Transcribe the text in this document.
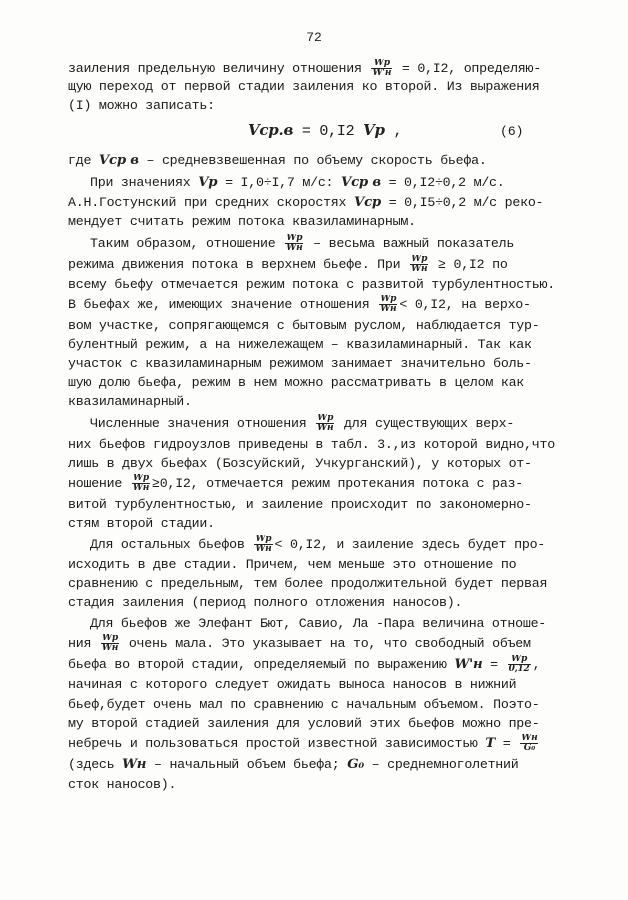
72
заиления предельную величину отношения Wр
W'н = 0,I2, определяю-
щую переход от первой стадии заиления ко второй. Из выражения
(I) можно записать:
Vср.в = 0,I2 Vр ,	(6)
где Vср в – средневзвешенная по объему скорость бьефа.
При значениях Vр = I,0÷I,7 м/с: Vср в = 0,I2÷0,2 м/с.
А.Н.Гостунский при средних скоростях Vср = 0,I5÷0,2 м/с реко-
мендует считать режим потока квазиламинарным.
Таким образом, отношение Wр
Wн – весьма важный показатель
режима движения потока в верхнем бьефе. При Wр
Wн ≥ 0,I2 по
всему бьефу отмечается режим потока с развитой турбулентностью.
В бьефах же, имеющих значение отношения Wр
Wн < 0,I2, на верхо-
вом участке, сопрягающемся с бытовым руслом, наблюдается тур-
булентный режим, а на нижележащем – квазиламинарный. Так как
участок с квазиламинарным режимом занимает значительно боль-
шую долю бьефа, режим в нем можно рассматривать в целом как
квазиламинарный.
Численные значения отношения Wр
Wн для существующих верх-
них бьефов гидроузлов приведены в табл. 3.,из которой видно,что
лишь в двух бьефах (Бозсуйский, Учкурганский), у которых от-
ношение Wр
Wн ≥0,I2, отмечается режим протекания потока с раз-
витой турбулентностью, и заиление происходит по закономерно-
стям второй стадии.
Для остальных бьефов Wр
Wн < 0,I2, и заиление здесь будет про-
исходить в две стадии. Причем, чем меньше это отношение по
сравнению с предельным, тем более продолжительной будет первая
стадия заиления (период полного отложения наносов).
Для бьефов же Элефант Бют, Савио, Ла -Пара величина отноше-
ния Wр
Wн очень мала. Это указывает на то, что свободный объем
бьефа во второй стадии, определяемый по выражению W'н = Wр
0,12 ,
начиная с которого следует ожидать выноса наносов в нижний
бьеф,будет очень мал по сравнению с начальным объемом. Поэто-
му второй стадией заиления для условий этих бьефов можно пре-
небречь и пользоваться простой известной зависимостью T = Wн
G₀
(здесь Wн – начальный объем бьефа; G₀ – среднемноголетний
сток наносов).
